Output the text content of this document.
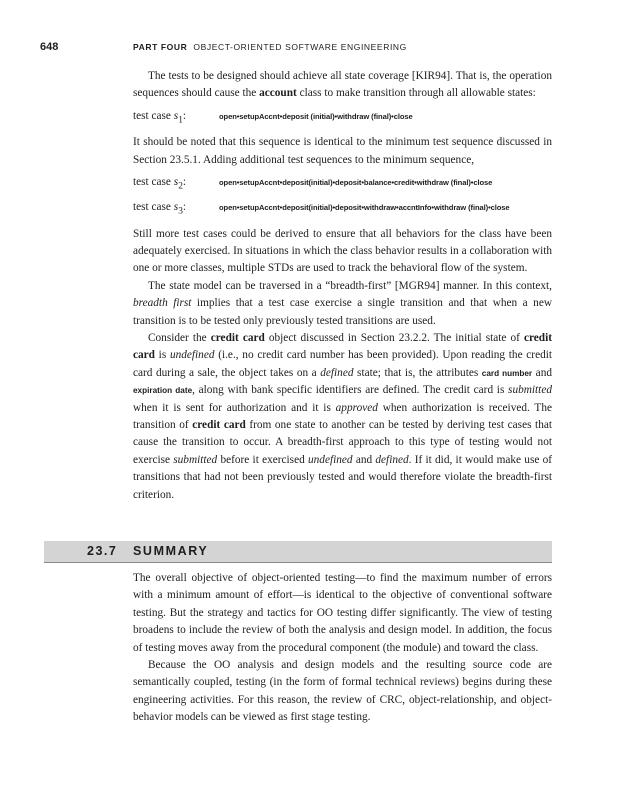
648	PART FOUR OBJECT-ORIENTED SOFTWARE ENGINEERING

The tests to be designed should achieve all state coverage [KIR94]. That is, the operation sequences should cause the account class to make transition through all allowable states:

test case $s_1$:	open•setupAccnt•deposit (initial)•withdraw (final)•close

It should be noted that this sequence is identical to the minimum test sequence discussed in Section 23.5.1. Adding additional test sequences to the minimum sequence,

test case $s_2$:	open•setupAccnt•deposit(initial)•deposit•balance•credit•withdraw (final)•close
test case $s_3$:	open•setupAccnt•deposit(initial)•deposit•withdraw•accntInfo•withdraw (final)•close

Still more test cases could be derived to ensure that all behaviors for the class have been adequately exercised. In situations in which the class behavior results in a collaboration with one or more classes, multiple STDs are used to track the behavioral flow of the system.

The state model can be traversed in a “breadth-first” [MGR94] manner. In this context, breadth first implies that a test case exercise a single transition and that when a new transition is to be tested only previously tested transitions are used.

Consider the credit card object discussed in Section 23.2.2. The initial state of credit card is undefined (i.e., no credit card number has been provided). Upon reading the credit card during a sale, the object takes on a defined state; that is, the attributes card number and expiration date, along with bank specific identifiers are defined. The credit card is submitted when it is sent for authorization and it is approved when authorization is received. The transition of credit card from one state to another can be tested by deriving test cases that cause the transition to occur. A breadth-first approach to this type of testing would not exercise submitted before it exercised undefined and defined. If it did, it would make use of transitions that had not been previously tested and would therefore violate the breadth-first criterion.

23.7 SUMMARY

The overall objective of object-oriented testing—to find the maximum number of errors with a minimum amount of effort—is identical to the objective of conventional software testing. But the strategy and tactics for OO testing differ significantly. The view of testing broadens to include the review of both the analysis and design model. In addition, the focus of testing moves away from the procedural component (the module) and toward the class.

Because the OO analysis and design models and the resulting source code are semantically coupled, testing (in the form of formal technical reviews) begins during these engineering activities. For this reason, the review of CRC, object-relationship, and object-behavior models can be viewed as first stage testing.
